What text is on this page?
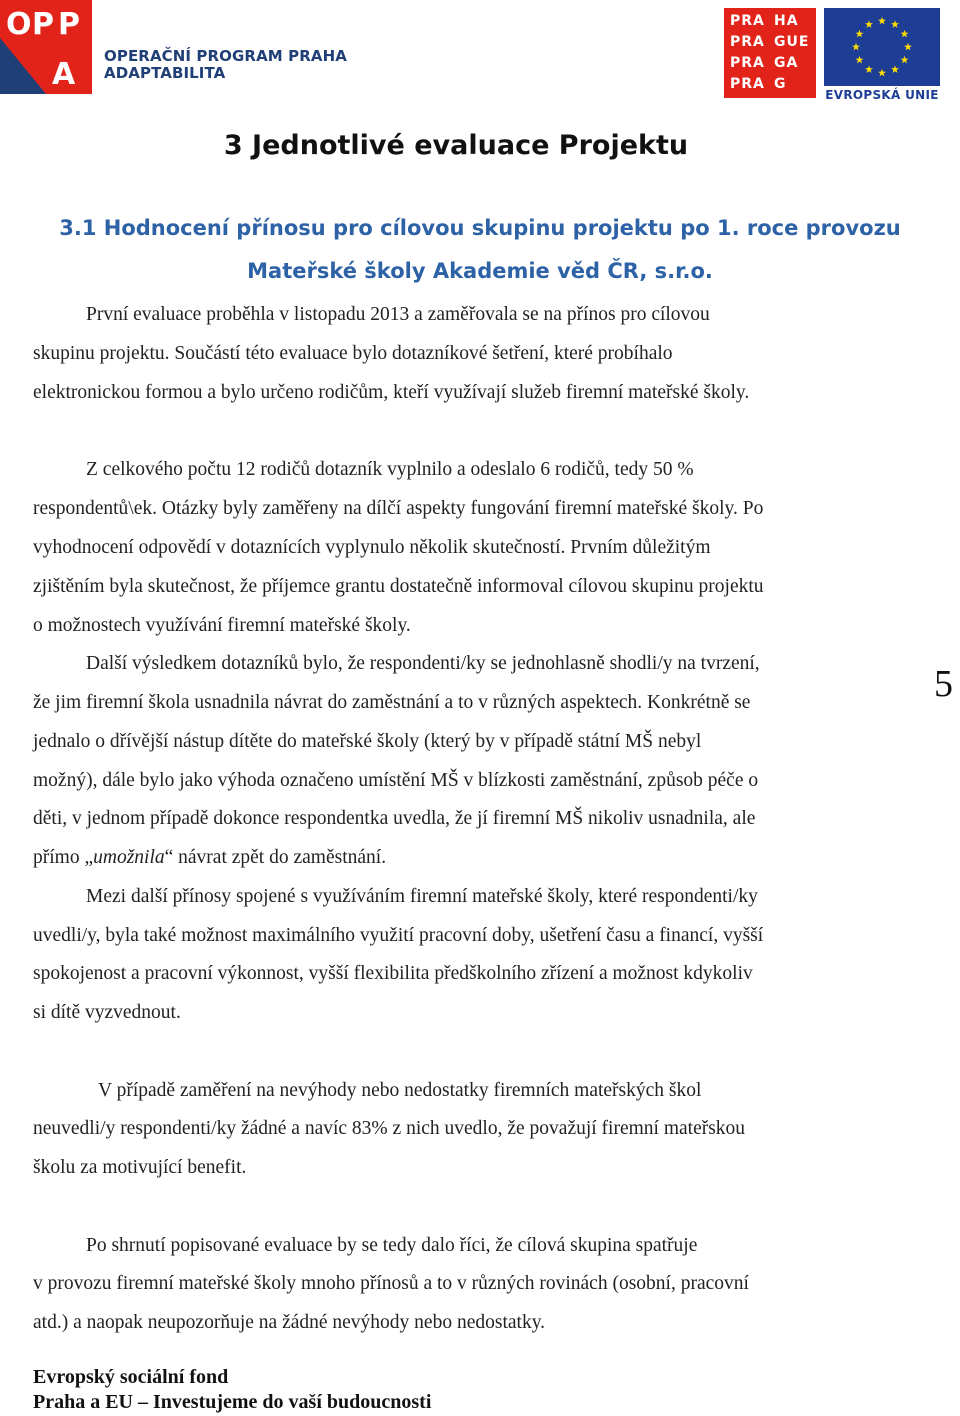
O P P
A
OPERAČNÍ PROGRAM PRAHA
ADAPTABILITA
PRA HA
PRA GUE
PRA GA
PRA G
EVROPSKÁ UNIE
3 Jednotlivé evaluace Projektu
3.1 Hodnocení přínosu pro cílovou skupinu projektu po 1. roce provozu
Mateřské školy Akademie věd ČR, s.r.o.
První evaluace proběhla v listopadu 2013 a zaměřovala se na přínos pro cílovou
skupinu projektu. Součástí této evaluace bylo dotazníkové šetření, které probíhalo
elektronickou formou a bylo určeno rodičům, kteří využívají služeb firemní mateřské školy.
Z celkového počtu 12 rodičů dotazník vyplnilo a odeslalo 6 rodičů, tedy 50 %
respondentů\ek. Otázky byly zaměřeny na dílčí aspekty fungování firemní mateřské školy. Po
vyhodnocení odpovědí v dotaznících vyplynulo několik skutečností. Prvním důležitým
zjištěním byla skutečnost, že příjemce grantu dostatečně informoval cílovou skupinu projektu
o možnostech využívání firemní mateřské školy.
Další výsledkem dotazníků bylo, že respondenti/ky se jednohlasně shodli/y na tvrzení,
že jim firemní škola usnadnila návrat do zaměstnání a to v různých aspektech. Konkrétně se
jednalo o dřívější nástup dítěte do mateřské školy (který by v případě státní MŠ nebyl
možný), dále bylo jako výhoda označeno umístění MŠ v blízkosti zaměstnání, způsob péče o
děti, v jednom případě dokonce respondentka uvedla, že jí firemní MŠ nikoliv usnadnila, ale
přímo „umožnila“ návrat zpět do zaměstnání.
Mezi další přínosy spojené s využíváním firemní mateřské školy, které respondenti/ky
uvedli/y, byla také možnost maximálního využití pracovní doby, ušetření času a financí, vyšší
spokojenost a pracovní výkonnost, vyšší flexibilita předškolního zřízení a možnost kdykoliv
si dítě vyzvednout.
V případě zaměření na nevýhody nebo nedostatky firemních mateřských škol
neuvedli/y respondenti/ky žádné a navíc 83% z nich uvedlo, že považují firemní mateřskou
školu za motivující benefit.
Po shrnutí popisované evaluace by se tedy dalo říci, že cílová skupina spatřuje
v provozu firemní mateřské školy mnoho přínosů a to v různých rovinách (osobní, pracovní
atd.) a naopak neupozorňuje na žádné nevýhody nebo nedostatky.
5
Evropský sociální fond
Praha a EU – Investujeme do vaší budoucnosti
